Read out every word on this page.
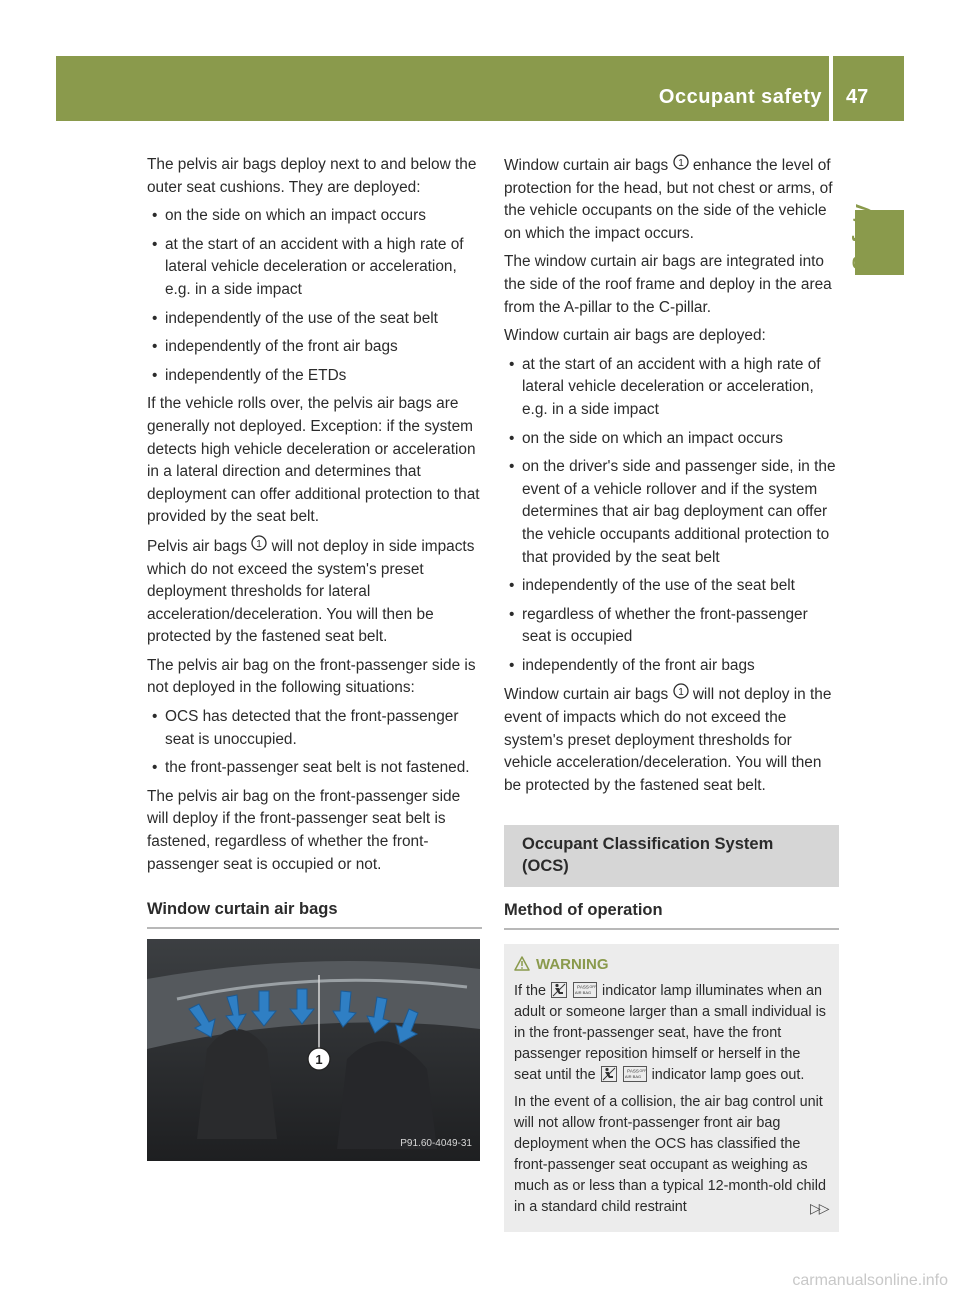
Occupant safety 47
Safety

The pelvis air bags deploy next to and below the outer seat cushions. They are deployed:

• on the side on which an impact occurs
• at the start of an accident with a high rate of lateral vehicle deceleration or acceleration, e.g. in a side impact
• independently of the use of the seat belt
• independently of the front air bags
• independently of the ETDs

If the vehicle rolls over, the pelvis air bags are generally not deployed. Exception: if the system detects high vehicle deceleration or acceleration in a lateral direction and determines that deployment can offer additional protection to that provided by the seat belt.

Pelvis air bags 1 will not deploy in side impacts which do not exceed the system's preset deployment thresholds for lateral acceleration/deceleration. You will then be protected by the fastened seat belt.

The pelvis air bag on the front-passenger side is not deployed in the following situations:

• OCS has detected that the front-passenger seat is unoccupied.
• the front-passenger seat belt is not fastened.

The pelvis air bag on the front-passenger side will deploy if the front-passenger seat belt is fastened, regardless of whether the front-passenger seat is occupied or not.

Window curtain air bags
1
P91.60-4049-31

Window curtain air bags 1 enhance the level of protection for the head, but not chest or arms, of the vehicle occupants on the side of the vehicle on which the impact occurs.

The window curtain air bags are integrated into the side of the roof frame and deploy in the area from the A-pillar to the C-pillar.

Window curtain air bags are deployed:

• at the start of an accident with a high rate of lateral vehicle deceleration or acceleration, e.g. in a side impact
• on the side on which an impact occurs
• on the driver's side and passenger side, in the event of a vehicle rollover and if the system determines that air bag deployment can offer the vehicle occupants additional protection to that provided by the seat belt
• independently of the use of the seat belt
• regardless of whether the front-passenger seat is occupied
• independently of the front air bags

Window curtain air bags 1 will not deploy in the event of impacts which do not exceed the system's preset deployment thresholds for vehicle acceleration/deceleration. You will then be protected by the fastened seat belt.

Occupant Classification System (OCS)
Method of operation
WARNING

If the	PASS
AIR BAG
OFF indicator lamp illuminates when an adult or someone larger than a small individual is in the front-passenger seat, have the front passenger reposition himself or herself in the seat until the	PASS
AIR BAG
OFF indicator lamp goes out.

In the event of a collision, the air bag control unit will not allow front-passenger front air bag deployment when the OCS has classified the front-passenger seat occupant as weighing as much as or less than a typical 12-month-old child in a standard child restraint	▷▷
carmanualsonline.info
